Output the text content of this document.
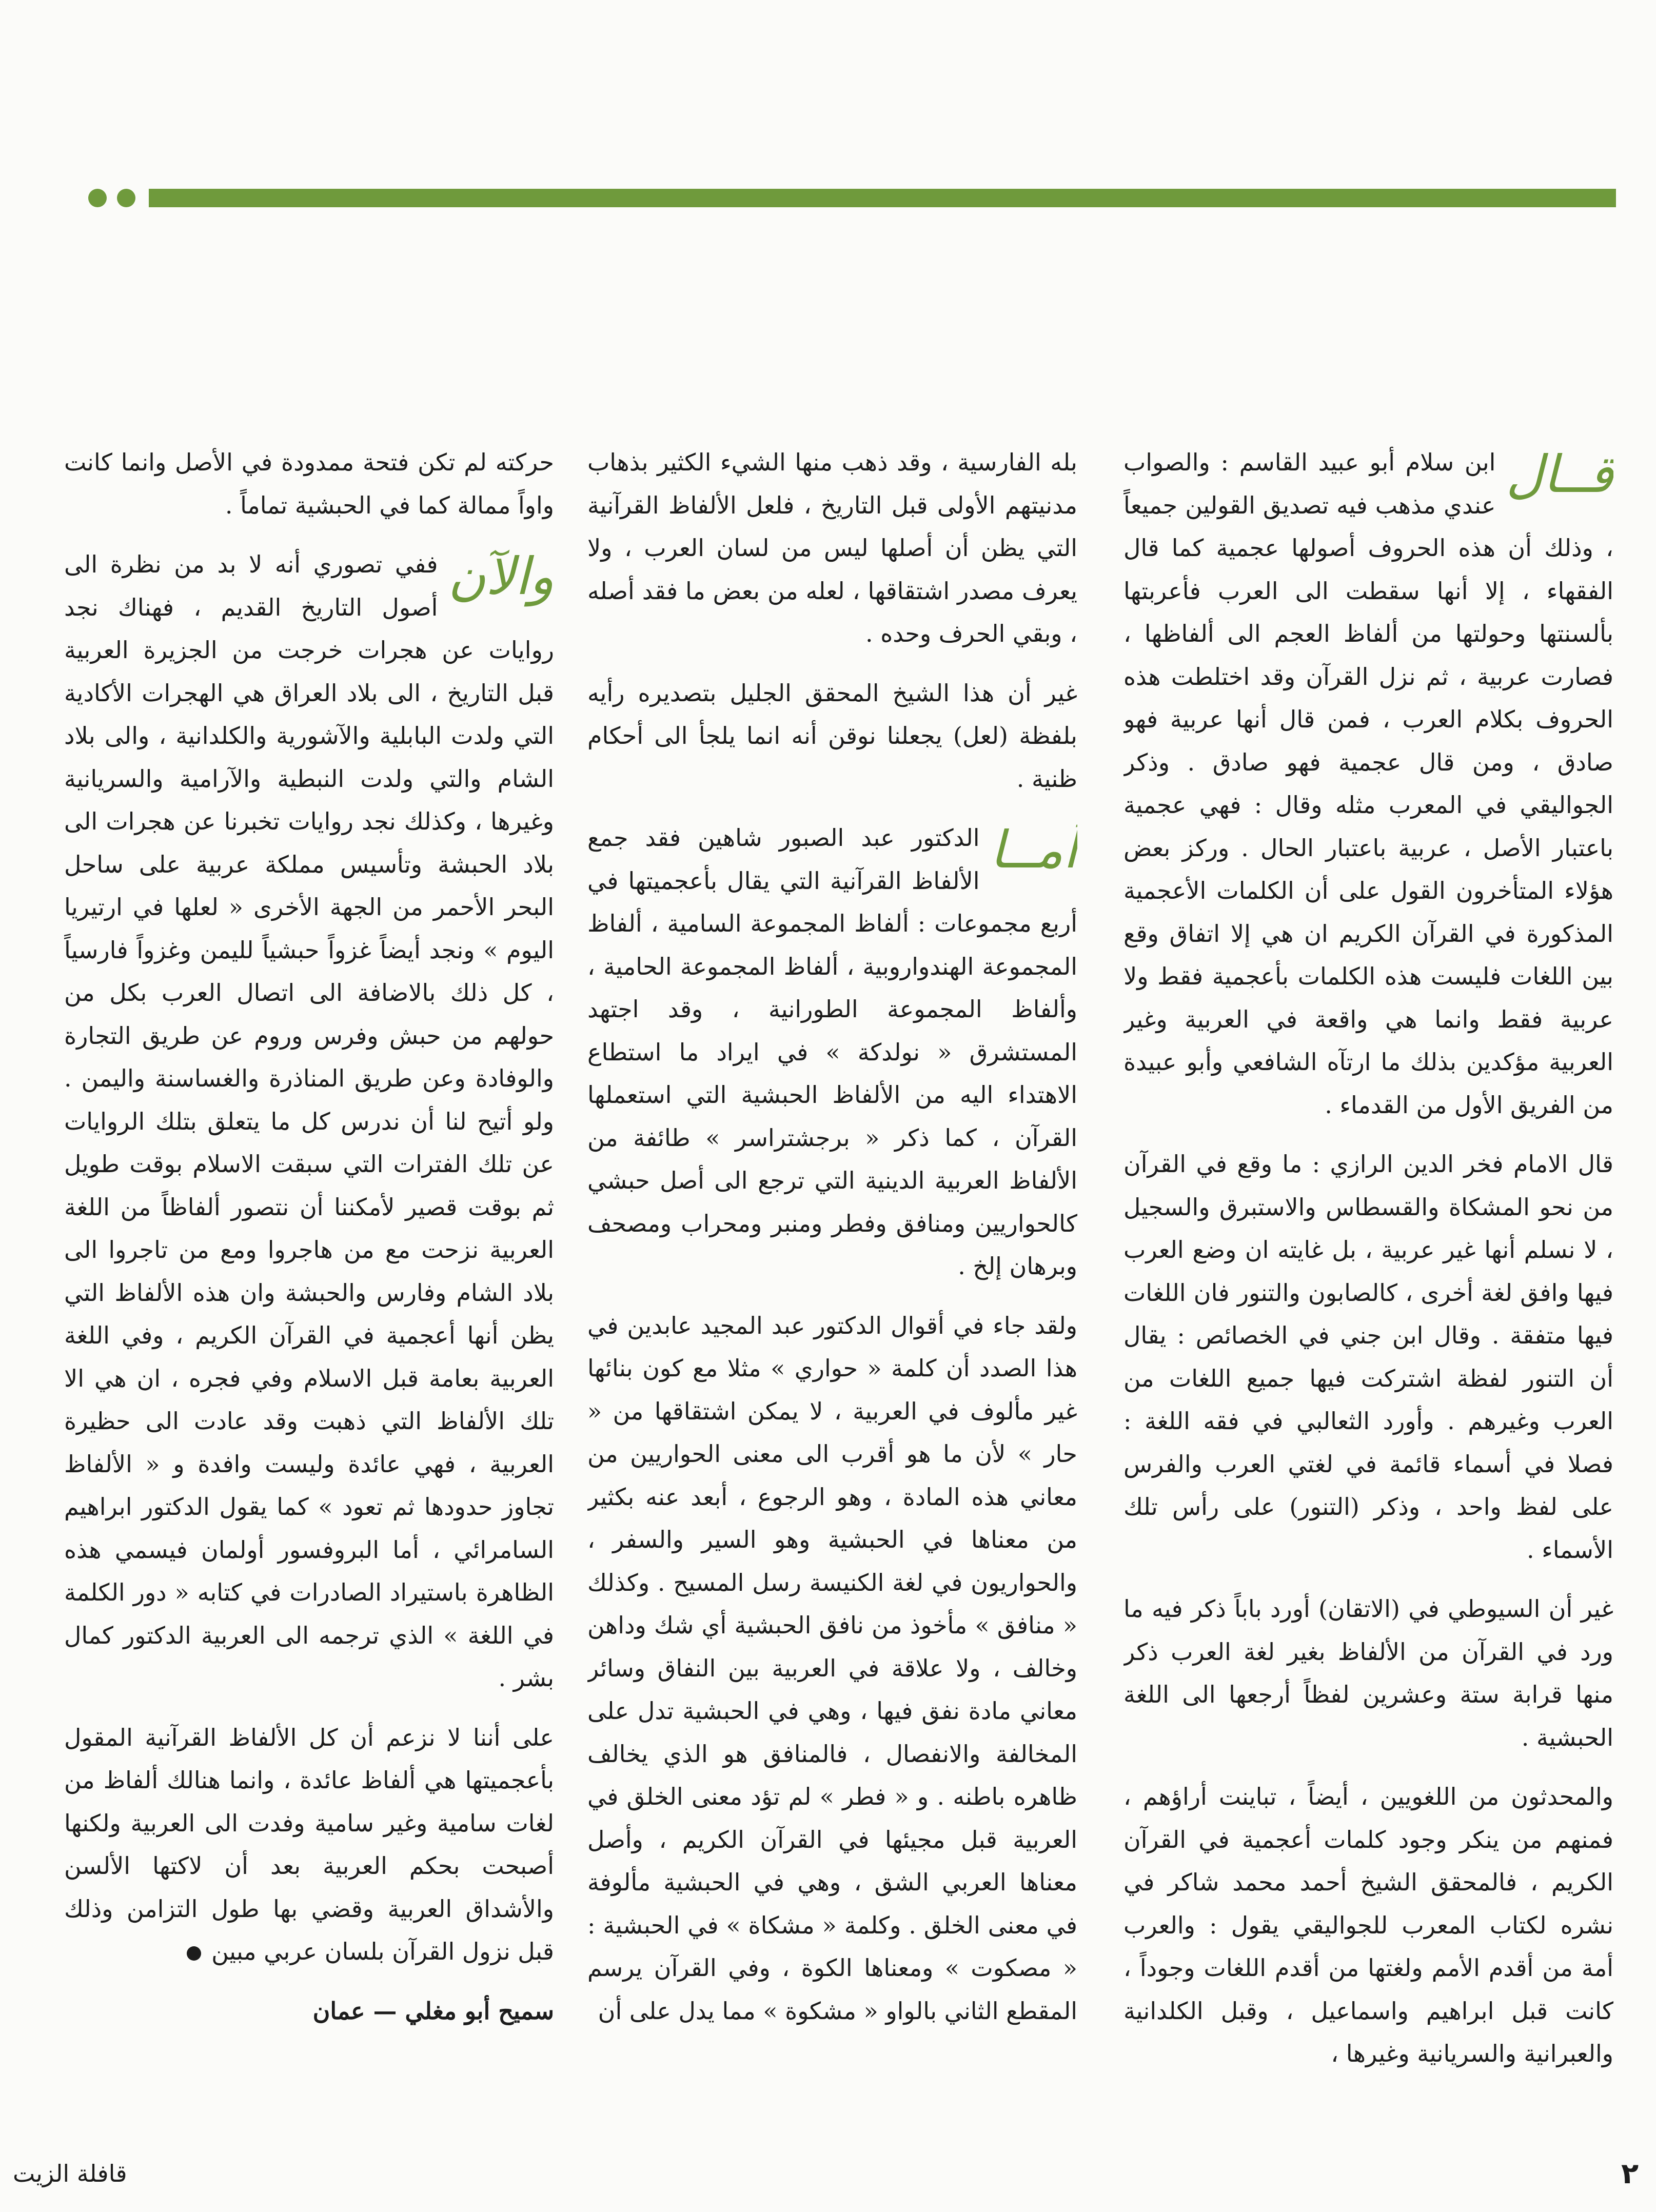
قــال

ابن سلام أبو عبيد القاسم : والصواب عندي مذهب فيه تصديق القولين جميعاً ، وذلك أن هذه الحروف أصولها عجمية كما قال الفقهاء ، إلا أنها سقطت الى العرب فأعربتها بألسنتها وحولتها من ألفاظ العجم الى ألفاظها ، فصارت عربية ، ثم نزل القرآن وقد اختلطت هذه الحروف بكلام العرب ، فمن قال أنها عربية فهو صادق ، ومن قال عجمية فهو صادق . وذكر الجواليقي في المعرب مثله وقال : فهي عجمية باعتبار الأصل ، عربية باعتبار الحال . وركز بعض هؤلاء المتأخرون القول على أن الكلمات الأعجمية المذكورة في القرآن الكريم ان هي إلا اتفاق وقع بين اللغات فليست هذه الكلمات بأعجمية فقط ولا عربية فقط وانما هي واقعة في العربية وغير العربية مؤكدين بذلك ما ارتآه الشافعي وأبو عبيدة من الفريق الأول من القدماء .

قال الامام فخر الدين الرازي : ما وقع في القرآن من نحو المشكاة والقسطاس والاستبرق والسجيل ، لا نسلم أنها غير عربية ، بل غايته ان وضع العرب فيها وافق لغة أخرى ، كالصابون والتنور فان اللغات فيها متفقة . وقال ابن جني في الخصائص : يقال أن التنور لفظة اشتركت فيها جميع اللغات من العرب وغيرهم . وأورد الثعالبي في فقه اللغة : فصلا في أسماء قائمة في لغتي العرب والفرس على لفظ واحد ، وذكر (التنور) على رأس تلك الأسماء .

غير أن السيوطي في (الاتقان) أورد باباً ذكر فيه ما ورد في القرآن من الألفاظ بغير لغة العرب ذكر منها قرابة ستة وعشرين لفظاً أرجعها الى اللغة الحبشية .

والمحدثون من اللغويين ، أيضاً ، تباينت أراؤهم ، فمنهم من ينكر وجود كلمات أعجمية في القرآن الكريم ، فالمحقق الشيخ أحمد محمد شاكر في نشره لكتاب المعرب للجواليقي يقول : والعرب أمة من أقدم الأمم ولغتها من أقدم اللغات وجوداً ، كانت قبل ابراهيم واسماعيل ، وقبل الكلدانية والعبرانية والسريانية وغيرها ،

بله الفارسية ، وقد ذهب منها الشيء الكثير بذهاب مدنيتهم الأولى قبل التاريخ ، فلعل الألفاظ القرآنية التي يظن أن أصلها ليس من لسان العرب ، ولا يعرف مصدر اشتقاقها ، لعله من بعض ما فقد أصله ، وبقي الحرف وحده .

غير أن هذا الشيخ المحقق الجليل بتصديره رأيه بلفظة (لعل) يجعلنا نوقن أنه انما يلجأ الى أحكام ظنية .

أمــا
الدكتور عبد الصبور شاهين فقد جمع الألفاظ القرآنية التي يقال بأعجميتها في أربع مجموعات : ألفاظ المجموعة السامية ، ألفاظ المجموعة الهندواروبية ، ألفاظ المجموعة الحامية ، وألفاظ المجموعة الطورانية ، وقد اجتهد المستشرق « نولدكة » في ايراد ما استطاع الاهتداء اليه من الألفاظ الحبشية التي استعملها القرآن ، كما ذكر « برجشتراسر » طائفة من الألفاظ العربية الدينية التي ترجع الى أصل حبشي كالحواريين ومنافق وفطر ومنبر ومحراب ومصحف وبرهان إلخ .

ولقد جاء في أقوال الدكتور عبد المجيد عابدين في هذا الصدد أن كلمة « حواري » مثلا مع كون بنائها غير مألوف في العربية ، لا يمكن اشتقاقها من « حار » لأن ما هو أقرب الى معنى الحواريين من معاني هذه المادة ، وهو الرجوع ، أبعد عنه بكثير من معناها في الحبشية وهو السير والسفر ، والحواريون في لغة الكنيسة رسل المسيح . وكذلك « منافق » مأخوذ من نافق الحبشية أي شك وداهن وخالف ، ولا علاقة في العربية بين النفاق وسائر معاني مادة نفق فيها ، وهي في الحبشية تدل على المخالفة والانفصال ، فالمنافق هو الذي يخالف ظاهره باطنه . و « فطر » لم تؤد معنى الخلق في العربية قبل مجيئها في القرآن الكريم ، وأصل معناها العربي الشق ، وهي في الحبشية مألوفة في معنى الخلق . وكلمة « مشكاة » في الحبشية : « مصكوت » ومعناها الكوة ، وفي القرآن يرسم المقطع الثاني بالواو « مشكوة » مما يدل على أن

حركته لم تكن فتحة ممدودة في الأصل وانما كانت واواً ممالة كما في الحبشية تماماً .

والآن
ففي تصوري أنه لا بد من نظرة الى أصول التاريخ القديم ، فهناك نجد روايات عن هجرات خرجت من الجزيرة العربية قبل التاريخ ، الى بلاد العراق هي الهجرات الأكادية التي ولدت البابلية والآشورية والكلدانية ، والى بلاد الشام والتي ولدت النبطية والآرامية والسريانية وغيرها ، وكذلك نجد روايات تخبرنا عن هجرات الى بلاد الحبشة وتأسيس مملكة عربية على ساحل البحر الأحمر من الجهة الأخرى « لعلها في ارتيريا اليوم » ونجد أيضاً غزواً حبشياً لليمن وغزواً فارسياً ، كل ذلك بالاضافة الى اتصال العرب بكل من حولهم من حبش وفرس وروم عن طريق التجارة والوفادة وعن طريق المناذرة والغساسنة واليمن . ولو أتيح لنا أن ندرس كل ما يتعلق بتلك الروايات عن تلك الفترات التي سبقت الاسلام بوقت طويل ثم بوقت قصير لأمكننا أن نتصور ألفاظاً من اللغة العربية نزحت مع من هاجروا ومع من تاجروا الى بلاد الشام وفارس والحبشة وان هذه الألفاظ التي يظن أنها أعجمية في القرآن الكريم ، وفي اللغة العربية بعامة قبل الاسلام وفي فجره ، ان هي الا تلك الألفاظ التي ذهبت وقد عادت الى حظيرة العربية ، فهي عائدة وليست وافدة و « الألفاظ تجاوز حدودها ثم تعود » كما يقول الدكتور ابراهيم السامرائي ، أما البروفسور أولمان فيسمي هذه الظاهرة باستيراد الصادرات في كتابه « دور الكلمة في اللغة » الذي ترجمه الى العربية الدكتور كمال بشر .

على أننا لا نزعم أن كل الألفاظ القرآنية المقول بأعجميتها هي ألفاظ عائدة ، وانما هنالك ألفاظ من لغات سامية وغير سامية وفدت الى العربية ولكنها أصبحت بحكم العربية بعد أن لاكتها الألسن والأشداق العربية وقضي بها طول التزامن وذلك قبل نزول القرآن بلسان عربي مبين

سميح أبو مغلي — عمان

٢
قافلة الزيت
